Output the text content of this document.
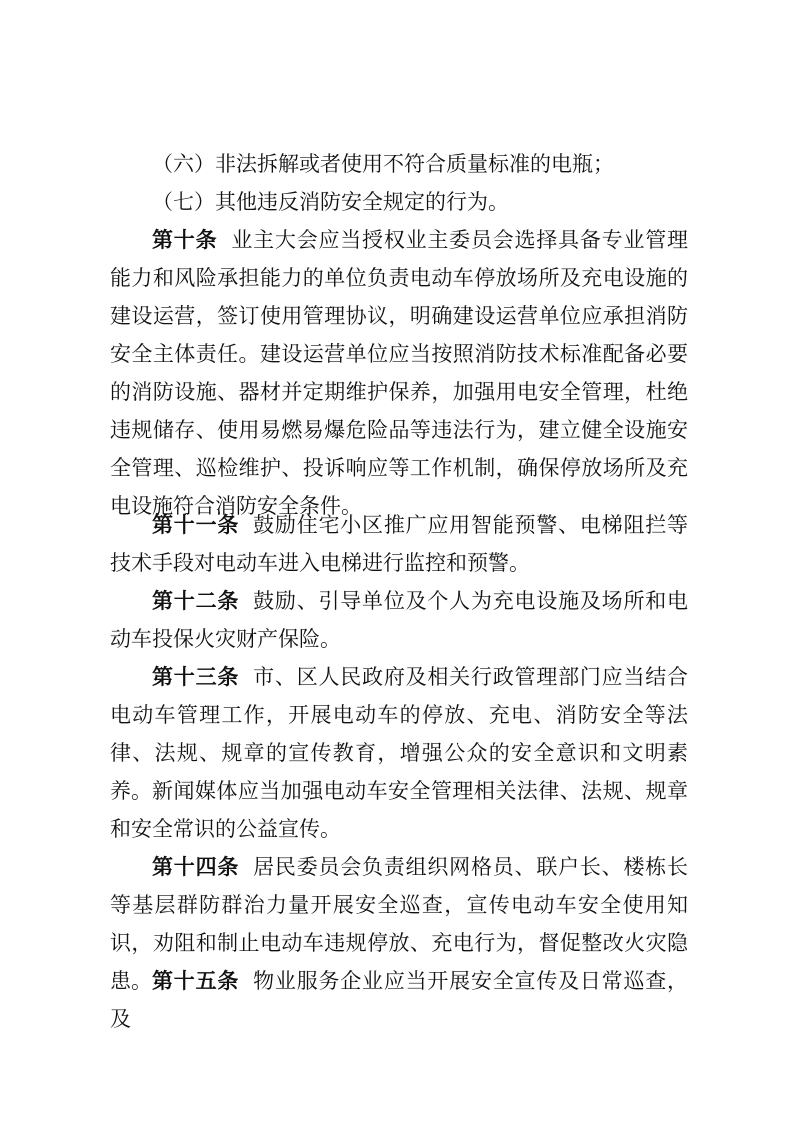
（六）非法拆解或者使用不符合质量标准的电瓶；

（七）其他违反消防安全规定的行为。

第十条 业主大会应当授权业主委员会选择具备专业管理能力和风险承担能力的单位负责电动车停放场所及充电设施的建设运营，签订使用管理协议，明确建设运营单位应承担消防安全主体责任。建设运营单位应当按照消防技术标准配备必要的消防设施、器材并定期维护保养，加强用电安全管理，杜绝违规储存、使用易燃易爆危险品等违法行为，建立健全设施安全管理、巡检维护、投诉响应等工作机制，确保停放场所及充电设施符合消防安全条件。

第十一条 鼓励住宅小区推广应用智能预警、电梯阻拦等技术手段对电动车进入电梯进行监控和预警。

第十二条 鼓励、引导单位及个人为充电设施及场所和电动车投保火灾财产保险。

第十三条 市、区人民政府及相关行政管理部门应当结合电动车管理工作，开展电动车的停放、充电、消防安全等法律、法规、规章的宣传教育，增强公众的安全意识和文明素养。 新闻媒体应当加强电动车安全管理相关法律、法规、规章和安全常识的公益宣传。

第十四条 居民委员会负责组织网格员、联户长、楼栋长等基层群防群治力量开展安全巡查，宣传电动车安全使用知识，劝阻和制止电动车违规停放、充电行为，督促整改火灾隐患。 第十五条 物业服务企业应当开展安全宣传及日常巡查，及
